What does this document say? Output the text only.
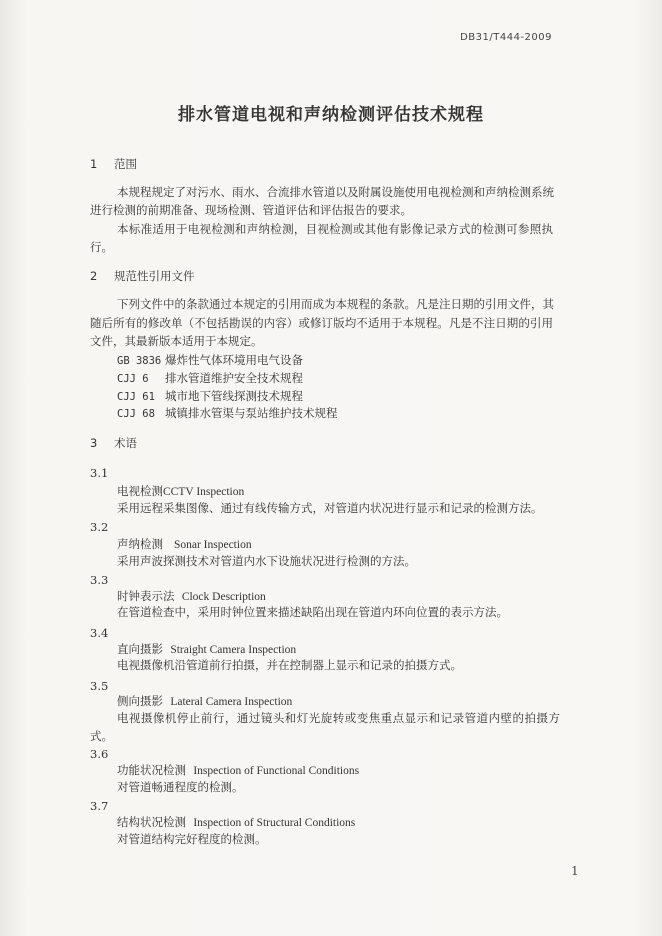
DB31/T444-2009
排水管道电视和声纳检测评估技术规程
1 范围
本规程规定了对污水、雨水、合流排水管道以及附属设施使用电视检测和声纳检测系统
进行检测的前期准备、现场检测、管道评估和评估报告的要求。
本标准适用于电视检测和声纳检测，目视检测或其他有影像记录方式的检测可参照执
行。
2 规范性引用文件
下列文件中的条款通过本规定的引用而成为本规程的条款。凡是注日期的引用文件，其
随后所有的修改单（不包括勘误的内容）或修订版均不适用于本规程。凡是不注日期的引用
文件，其最新版本适用于本规定。
GB 3836 爆炸性气体环境用电气设备
CJJ 6 排水管道维护安全技术规程
CJJ 61 城市地下管线探测技术规程
CJJ 68 城镇排水管渠与泵站维护技术规程
3 术语
3.1
电视检测CCTV Inspection
采用远程采集图像、通过有线传输方式，对管道内状况进行显示和记录的检测方法。
3.2
声纳检测 Sonar Inspection
采用声波探测技术对管道内水下设施状况进行检测的方法。
3.3
时钟表示法 Clock Description
在管道检查中，采用时钟位置来描述缺陷出现在管道内环向位置的表示方法。
3.4
直向摄影 Straight Camera Inspection
电视摄像机沿管道前行拍摄，并在控制器上显示和记录的拍摄方式。
3.5
侧向摄影 Lateral Camera Inspection
电视摄像机停止前行，通过镜头和灯光旋转或变焦重点显示和记录管道内壁的拍摄方
式。
3.6
功能状况检测 Inspection of Functional Conditions
对管道畅通程度的检测。
3.7
结构状况检测 Inspection of Structural Conditions
对管道结构完好程度的检测。
1
